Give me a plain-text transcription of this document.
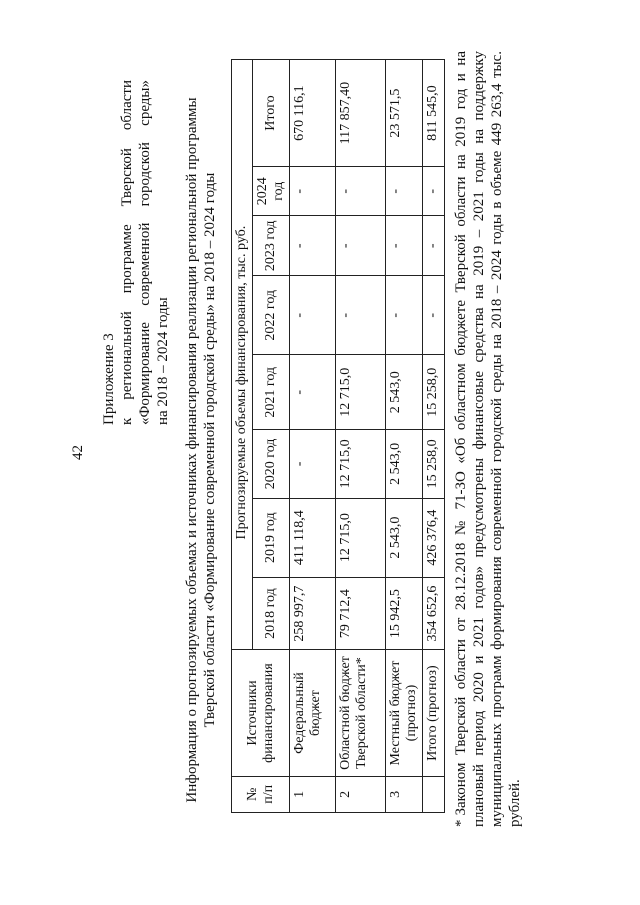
42
Приложение 3 к региональной программе Тверской области «Формирование современной городской среды» на 2018 – 2024 годы Информация о прогнозируемых объемах и источниках финансирования реализации региональной программы Тверской области «Формирование современной городской среды» на 2018 – 2024 годы
№ п/п	Источники финансирования	Прогнозируемые объемы финансирования, тыс. руб.							
		2018 год	2019 год	2020 год	2021 год	2022 год	2023 год	2024 год	Итого
1	Федеральный бюджет	258 997,7	411 118,4	-	-	-	-	-	670 116,1
2	Областной бюджет Тверской области*	79 712,4	12 715,0	12 715,0	12 715,0	-	-	-	117 857,40
3	Местный бюджет (прогноз)	15 942,5	2 543,0	2 543,0	2 543,0	-	-	-	23 571,5
	Итого (прогноз)	354 652,6	426 376,4	15 258,0	15 258,0	-	-	-	811 545,0
*Законом Тверской области от 28.12.2018 № 71-ЗО «Об областном бюджете Тверской области на 2019 год и на плановый период 2020 и 2021 годов» предусмотрены финансовые средства на 2019 – 2021 годы на поддержку муниципальных программ формирования современной городской среды на 2018 – 2024 годы в объеме 449 263,4 тыс. рублей.
